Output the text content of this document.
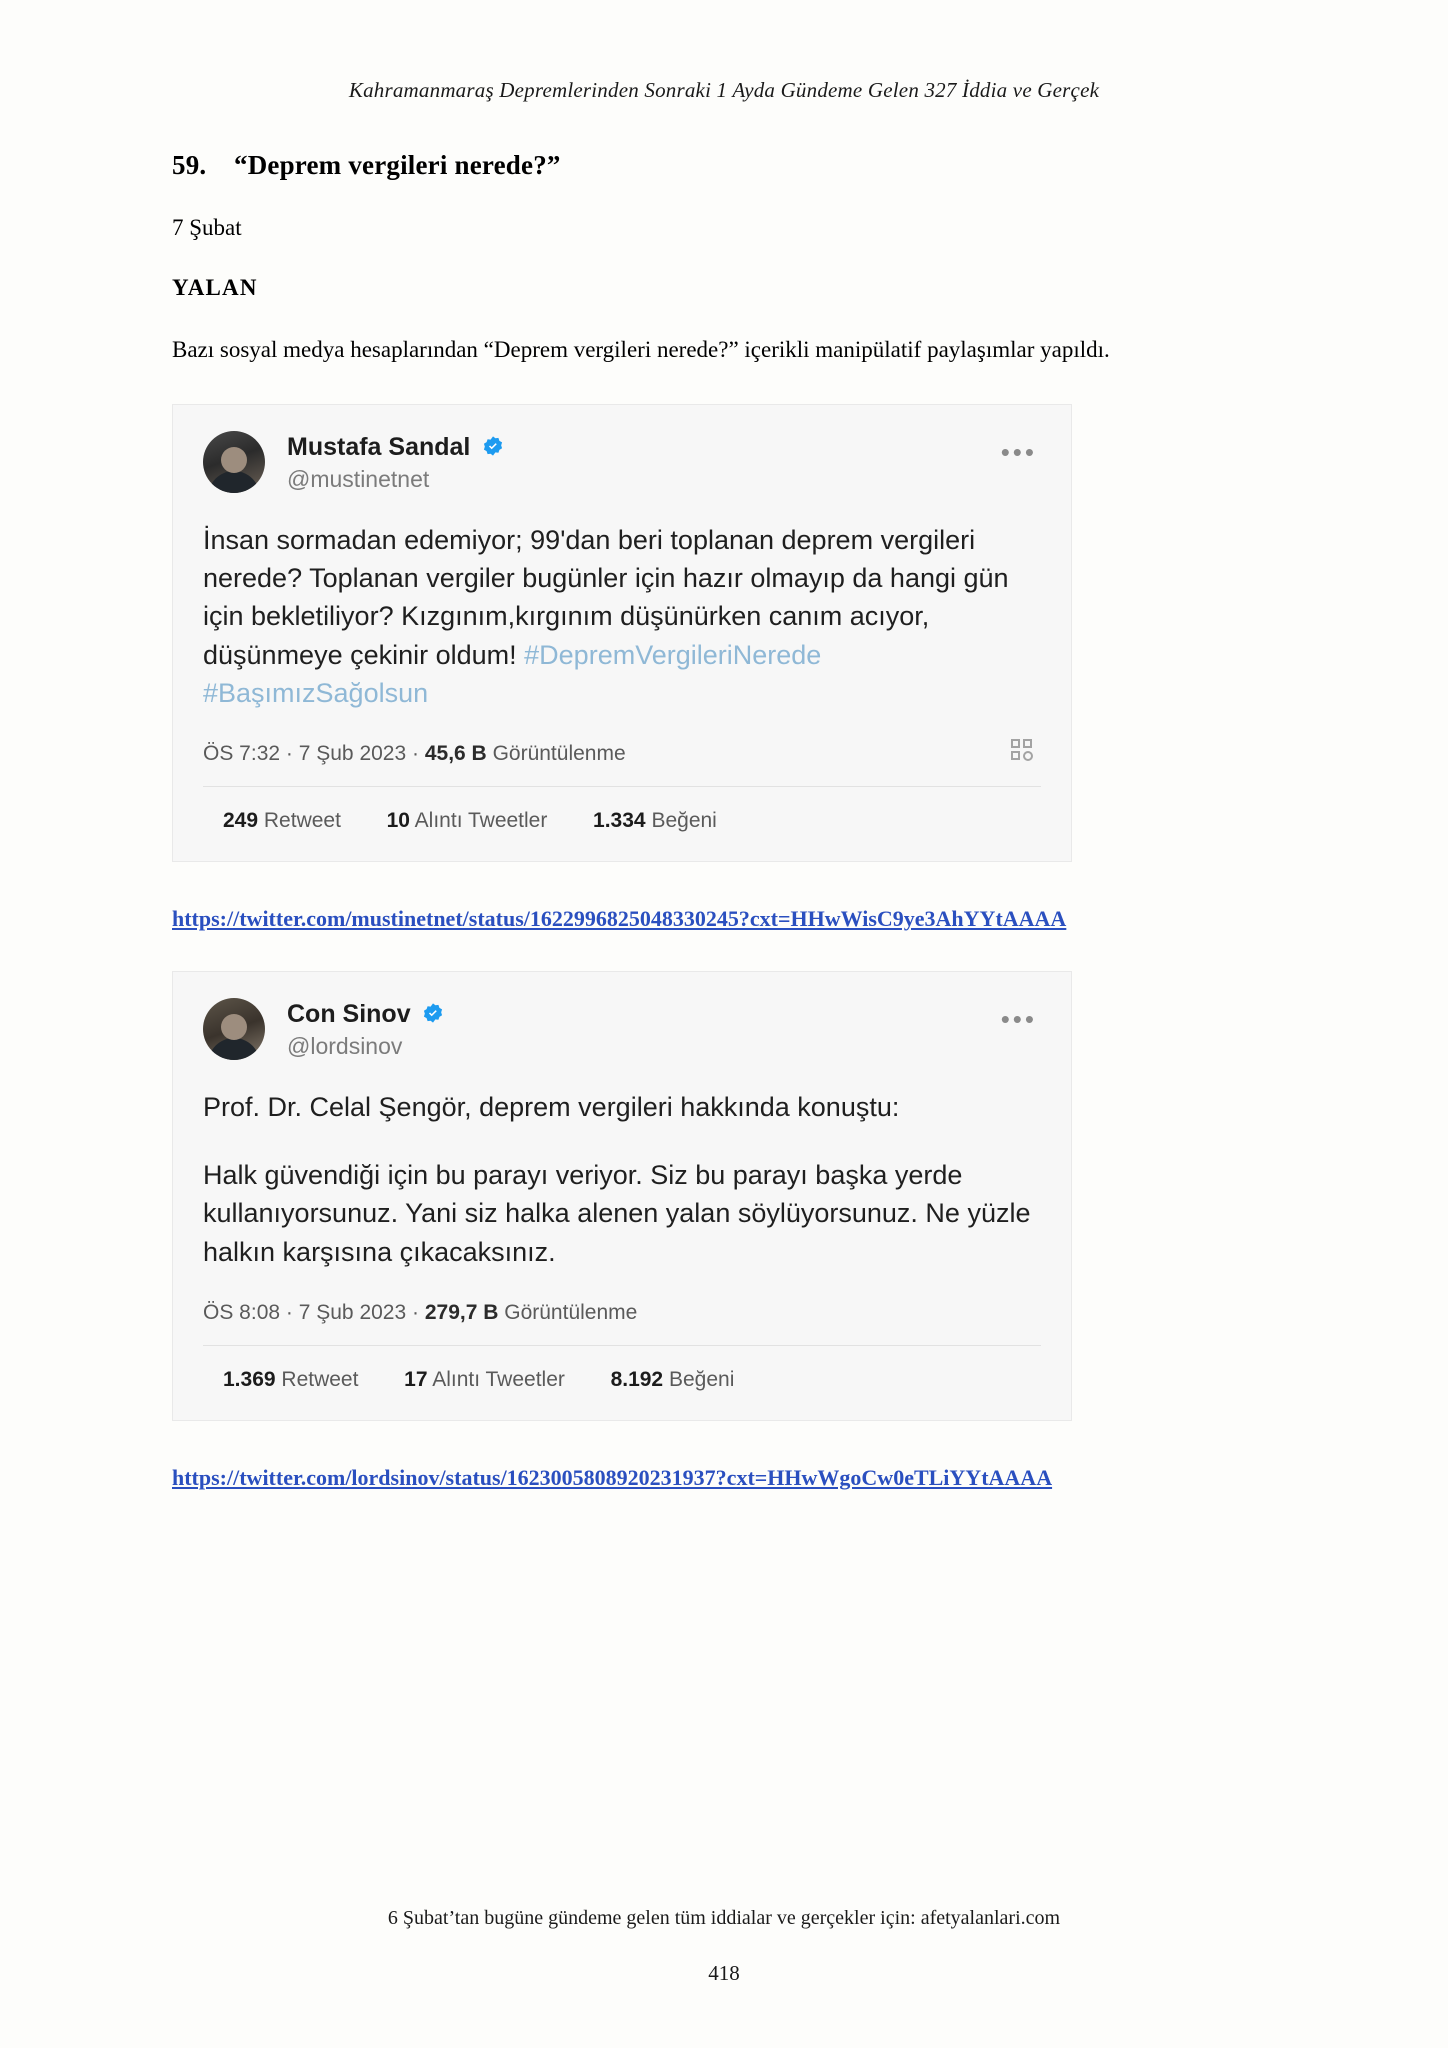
Kahramanmaraş Depremlerinden Sonraki 1 Ayda Gündeme Gelen 327 İddia ve Gerçek
59. “Deprem vergileri nerede?”
7 Şubat
YALAN
Bazı sosyal medya hesaplarından “Deprem vergileri nerede?” içerikli manipülatif paylaşımlar yapıldı.
Mustafa Sandal
@mustinetnet
•••
İnsan sormadan edemiyor; 99'dan beri toplanan deprem vergileri nerede? Toplanan vergiler bugünler için hazır olmayıp da hangi gün için bekletiliyor? Kızgınım,kırgınım düşünürken canım acıyor, düşünmeye çekinir oldum! #DepremVergileriNerede #BaşımızSağolsun
ÖS 7:32 · 7 Şub 2023 · 45,6 B Görüntülenme
249 Retweet 10 Alıntı Tweetler 1.334 Beğeni
https://twitter.com/mustinetnet/status/1622996825048330245?cxt=HHwWisC9ye3AhYYtAAAA
Con Sinov
@lordsinov
•••
Prof. Dr. Celal Şengör, deprem vergileri hakkında konuştu:
Halk güvendiği için bu parayı veriyor. Siz bu parayı başka yerde kullanıyorsunuz. Yani siz halka alenen yalan söylüyorsunuz. Ne yüzle halkın karşısına çıkacaksınız.
ÖS 8:08 · 7 Şub 2023 · 279,7 B Görüntülenme
1.369 Retweet 17 Alıntı Tweetler 8.192 Beğeni
https://twitter.com/lordsinov/status/1623005808920231937?cxt=HHwWgoCw0eTLiYYtAAAA
6 Şubat’tan bugüne gündeme gelen tüm iddialar ve gerçekler için: afetyalanlari.com
418
